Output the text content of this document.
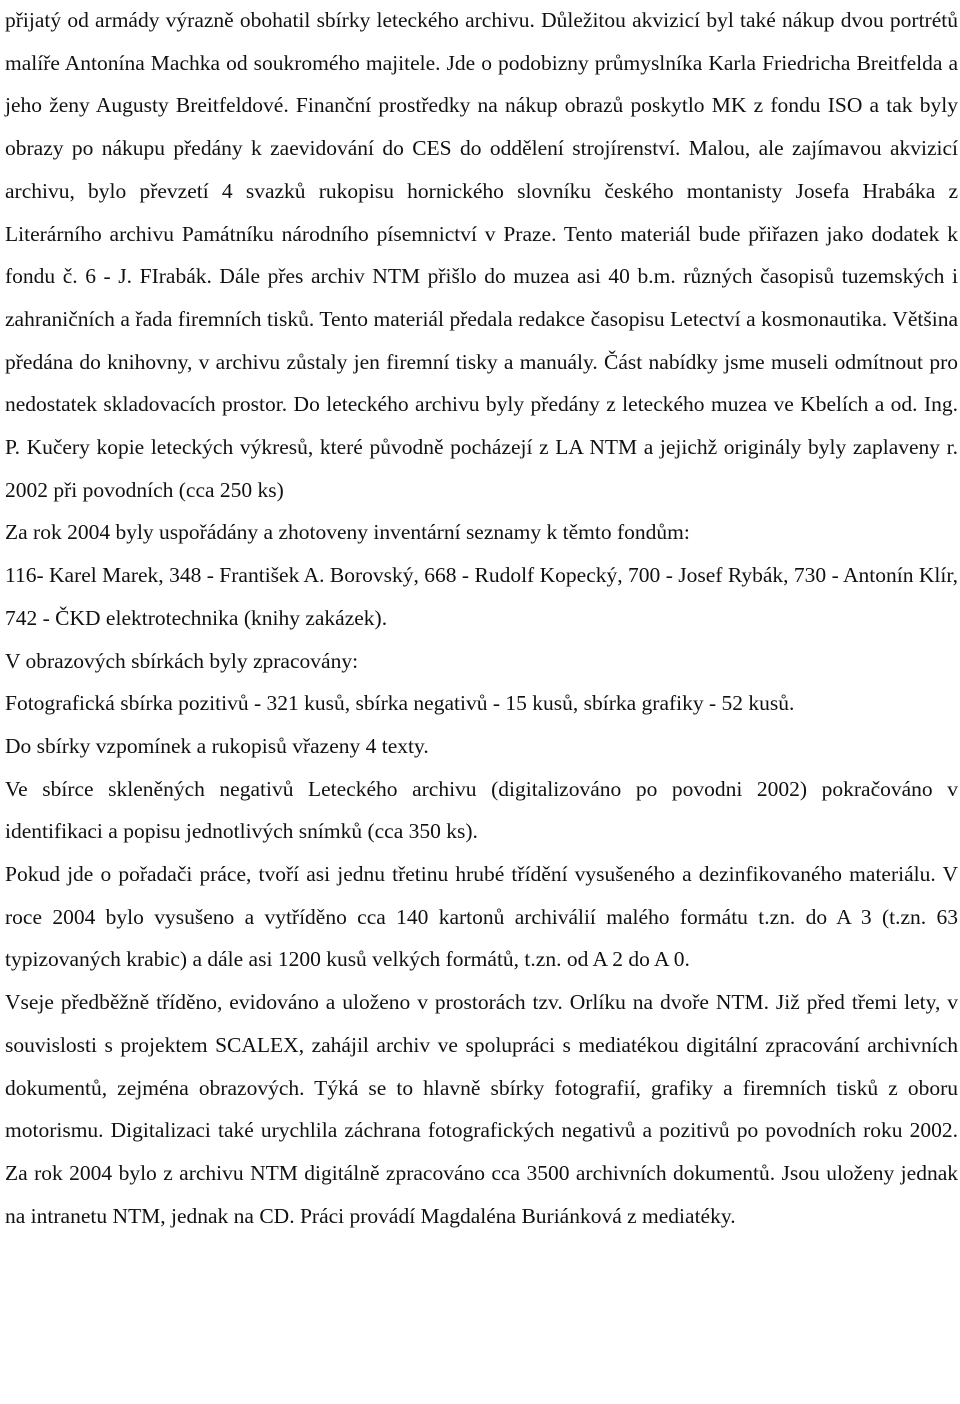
přijatý od armády výrazně obohatil sbírky leteckého archivu. Důležitou akvizicí byl také nákup dvou portrétů malíře Antonína Machka od soukromého majitele. Jde o podobizny průmyslníka Karla Friedricha Breitfelda a jeho ženy Augusty Breitfeldové. Finanční prostředky na nákup obrazů poskytlo MK z fondu ISO a tak byly obrazy po nákupu předány k zaevidování do CES do oddělení strojírenství. Malou, ale zajímavou akvizicí archivu, bylo převzetí 4 svazků rukopisu hornického slovníku českého montanisty Josefa Hrabáka z Literárního archivu Památníku národního písemnictví v Praze. Tento materiál bude přiřazen jako dodatek k fondu č. 6 - J. FIrabák. Dále přes archiv NTM přišlo do muzea asi 40 b.m. různých časopisů tuzemských i zahraničních a řada firemních tisků. Tento materiál předala redakce časopisu Letectví a kosmonautika. Většina předána do knihovny, v archivu zůstaly jen firemní tisky a manuály. Část nabídky jsme museli odmítnout pro nedostatek skladovacích prostor. Do leteckého archivu byly předány z leteckého muzea ve Kbelích a od. Ing. P. Kučery kopie leteckých výkresů, které původně pocházejí z LA NTM a jejichž originály byly zaplaveny r. 2002 při povodních (cca 250 ks)

Za rok 2004 byly uspořádány a zhotoveny inventární seznamy k těmto fondům:

116- Karel Marek, 348 - František A. Borovský, 668 - Rudolf Kopecký, 700 - Josef Rybák, 730 - Antonín Klír, 742 - ČKD elektrotechnika (knihy zakázek).

V obrazových sbírkách byly zpracovány:

Fotografická sbírka pozitivů - 321 kusů, sbírka negativů - 15 kusů, sbírka grafiky - 52 kusů.

Do sbírky vzpomínek a rukopisů vřazeny 4 texty.

Ve sbírce skleněných negativů Leteckého archivu (digitalizováno po povodni 2002) pokračováno v identifikaci a popisu jednotlivých snímků (cca 350 ks).

Pokud jde o pořadači práce, tvoří asi jednu třetinu hrubé třídění vysušeného a dezinfikovaného materiálu. V roce 2004 bylo vysušeno a vytříděno cca 140 kartonů archiválií malého formátu t.zn. do A 3 (t.zn. 63 typizovaných krabic) a dále asi 1200 kusů velkých formátů, t.zn. od A 2 do A 0.

Vseje předběžně tříděno, evidováno a uloženo v prostorách tzv. Orlíku na dvoře NTM. Již před třemi lety, v souvislosti s projektem SCALEX, zahájil archiv ve spolupráci s mediatékou digitální zpracování archivních dokumentů, zejména obrazových. Týká se to hlavně sbírky fotografií, grafiky a firemních tisků z oboru motorismu. Digitalizaci také urychlila záchrana fotografických negativů a pozitivů po povodních roku 2002. Za rok 2004 bylo z archivu NTM digitálně zpracováno cca 3500 archivních dokumentů. Jsou uloženy jednak na intranetu NTM, jednak na CD. Práci provádí Magdaléna Buriánková z mediatéky.
